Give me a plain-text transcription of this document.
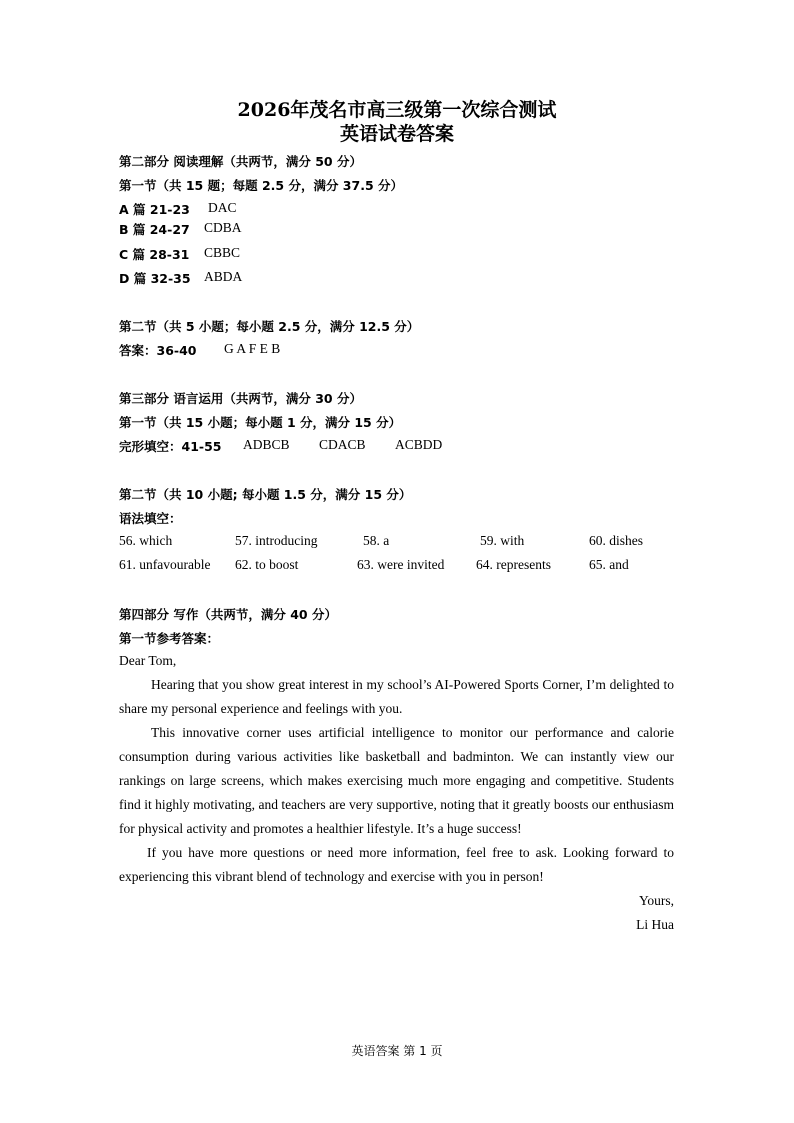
2026年茂名市高三级第一次综合测试
英语试卷答案
第二部分 阅读理解（共两节，满分 50 分）
第一节（共 15 题；每题 2.5 分，满分 37.5 分）
A 篇 21-23 DAC
B 篇 24-27 CDBA
C 篇 28-31 CBBC
D 篇 32-35 ABDA
第二节（共 5 小题；每小题 2.5 分，满分 12.5 分）
答案：36-40 G A F E B
第三部分 语言运用（共两节，满分 30 分）
第一节（共 15 小题；每小题 1 分，满分 15 分）
完形填空：41-55 ADBCB CDACB ACBDD
第二节（共 10 小题; 每小题 1.5 分，满分 15 分）
语法填空：
56. which	57. introducing	58. a	59. with	60. dishes
61. unfavourable 62. to boost	63. were invited 64. represents	65. and
第四部分 写作（共两节，满分 40 分）
第一节参考答案：
Dear Tom,
Hearing that you show great interest in my school’s AI-Powered Sports Corner, I’m delighted to share my personal experience and feelings with you.
This innovative corner uses artificial intelligence to monitor our performance and calorie consumption during various activities like basketball and badminton. We can instantly view our rankings on large screens, which makes exercising much more engaging and competitive. Students find it highly motivating, and teachers are very supportive, noting that it greatly boosts our enthusiasm for physical activity and promotes a healthier lifestyle. It’s a huge success!
If you have more questions or need more information, feel free to ask. Looking forward to experiencing this vibrant blend of technology and exercise with you in person!
Yours,
Li Hua
英语答案 第 1 页
